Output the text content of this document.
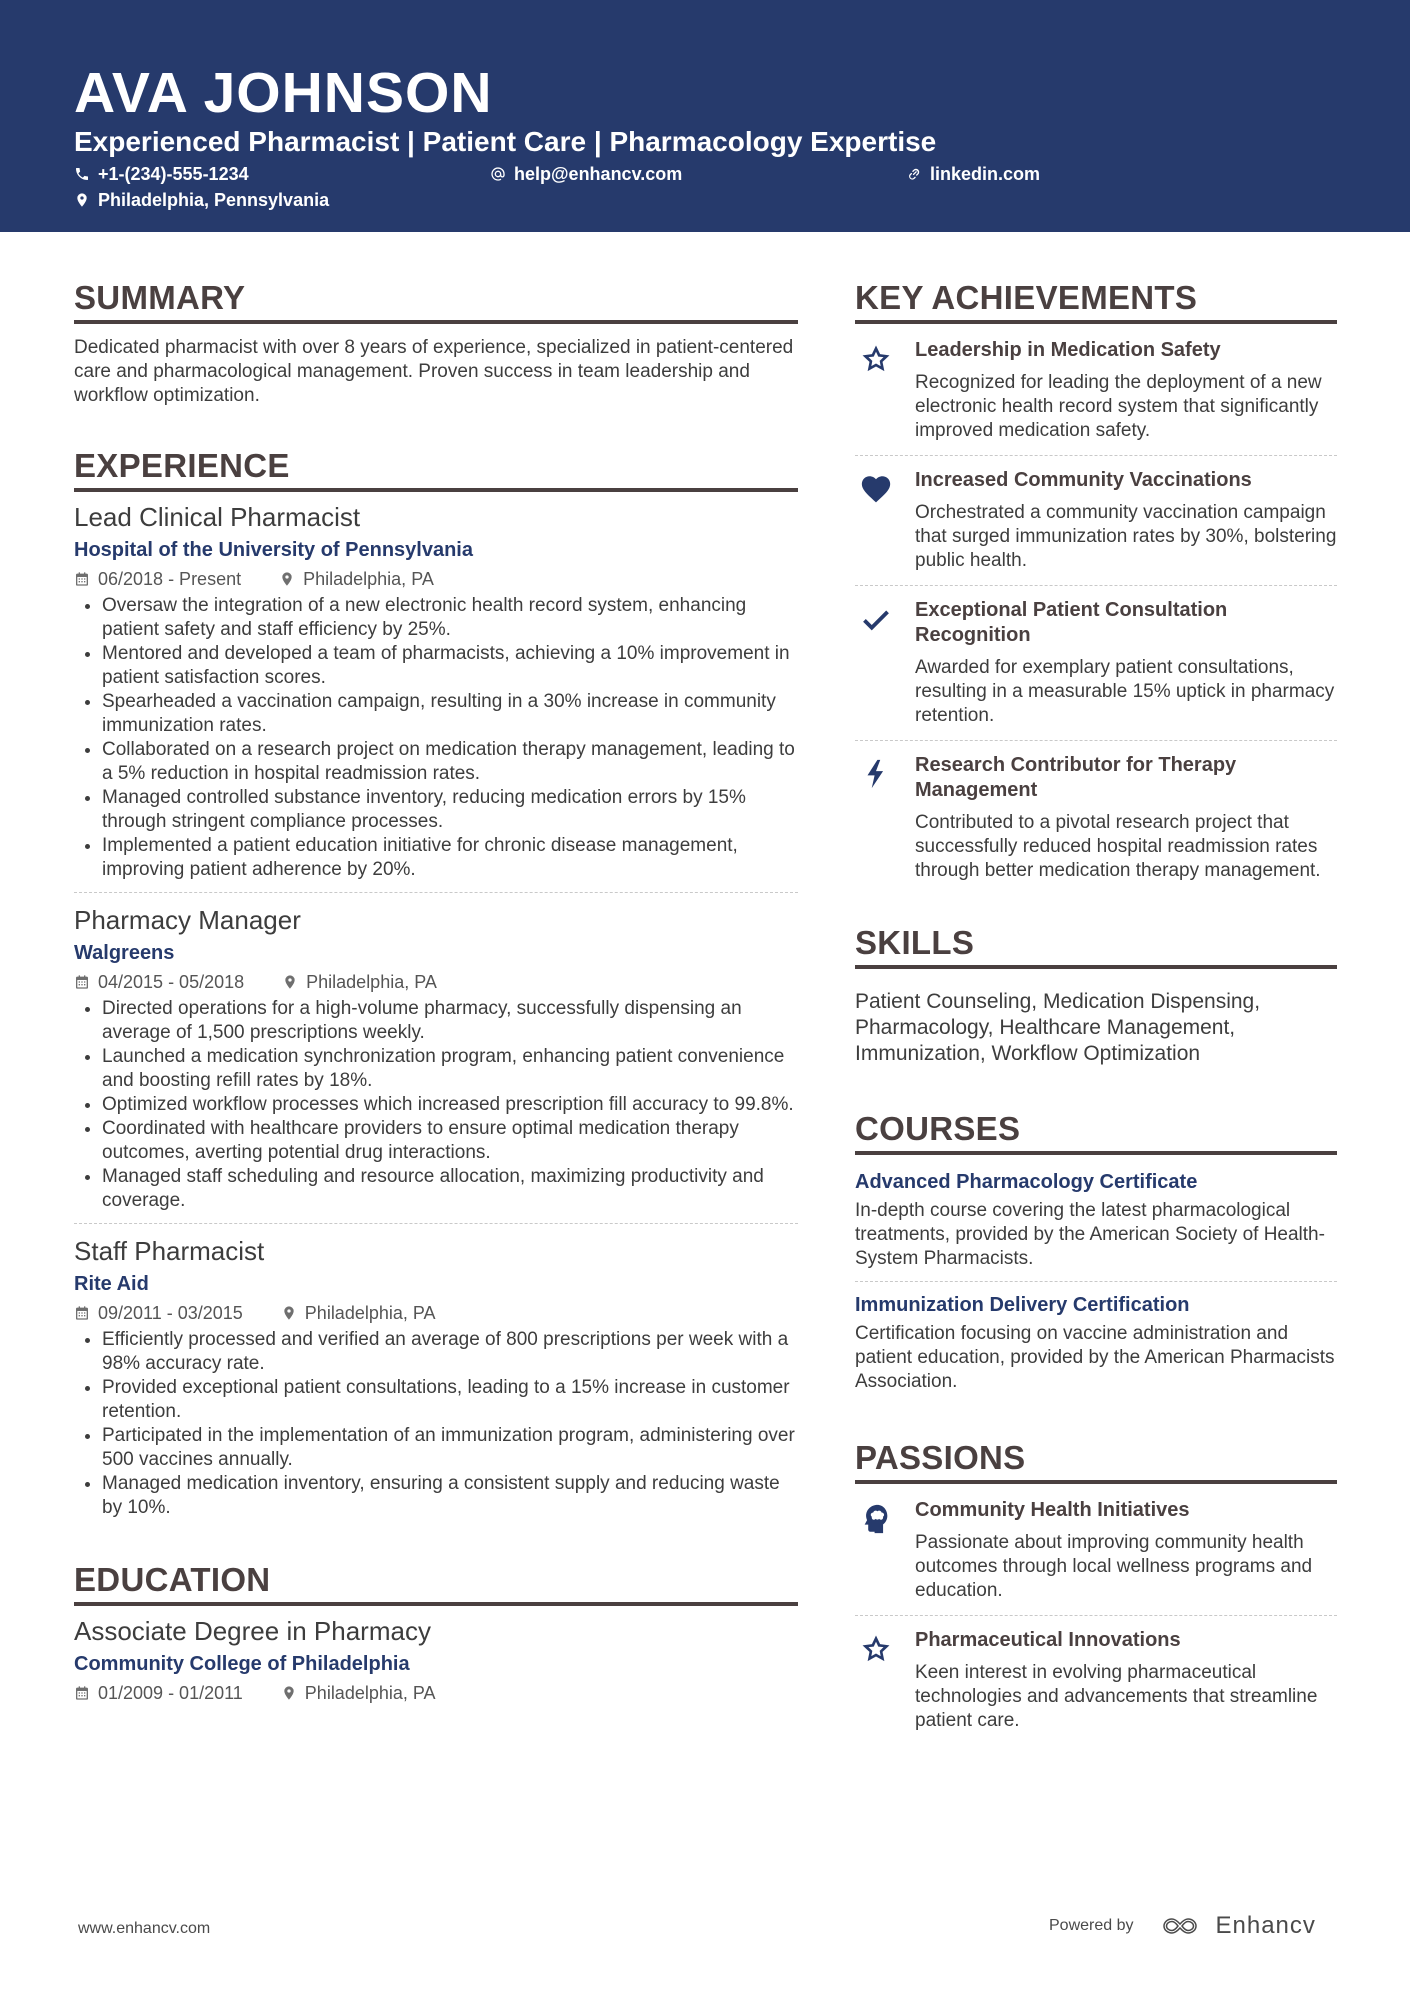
AVA JOHNSON
Experienced Pharmacist | Patient Care | Pharmacology Expertise
+1-(234)-555-1234	help@enhancv.com	linkedin.com
Philadelphia, Pennsylvania
SUMMARY

Dedicated pharmacist with over 8 years of experience, specialized in patient-centered care and pharmacological management. Proven success in team leadership and workflow optimization.

EXPERIENCE

Lead Clinical Pharmacist

Hospital of the University of Pennsylvania

06/2018 - Present	Philadelphia, PA
• Oversaw the integration of a new electronic health record system, enhancing patient safety and staff efficiency by 25%.
• Mentored and developed a team of pharmacists, achieving a 10% improvement in patient satisfaction scores.
• Spearheaded a vaccination campaign, resulting in a 30% increase in community immunization rates.
• Collaborated on a research project on medication therapy management, leading to a 5% reduction in hospital readmission rates.
• Managed controlled substance inventory, reducing medication errors by 15% through stringent compliance processes.
• Implemented a patient education initiative for chronic disease management, improving patient adherence by 20%.

Pharmacy Manager

Walgreens

04/2015 - 05/2018	Philadelphia, PA
• Directed operations for a high-volume pharmacy, successfully dispensing an average of 1,500 prescriptions weekly.
• Launched a medication synchronization program, enhancing patient convenience and boosting refill rates by 18%.
• Optimized workflow processes which increased prescription fill accuracy to 99.8%.
• Coordinated with healthcare providers to ensure optimal medication therapy outcomes, averting potential drug interactions.
• Managed staff scheduling and resource allocation, maximizing productivity and coverage.

Staff Pharmacist

Rite Aid

09/2011 - 03/2015	Philadelphia, PA
• Efficiently processed and verified an average of 800 prescriptions per week with a 98% accuracy rate.
• Provided exceptional patient consultations, leading to a 15% increase in customer retention.
• Participated in the implementation of an immunization program, administering over 500 vaccines annually.
• Managed medication inventory, ensuring a consistent supply and reducing waste by 10%.
EDUCATION

Associate Degree in Pharmacy

Community College of Philadelphia

01/2009 - 01/2011	Philadelphia, PA
KEY ACHIEVEMENTS

Leadership in Medication Safety

Recognized for leading the deployment of a new electronic health record system that significantly improved medication safety.

Increased Community Vaccinations

Orchestrated a community vaccination campaign that surged immunization rates by 30%, bolstering public health.

Exceptional Patient Consultation Recognition

Awarded for exemplary patient consultations, resulting in a measurable 15% uptick in pharmacy retention.

Research Contributor for Therapy Management

Contributed to a pivotal research project that successfully reduced hospital readmission rates through better medication therapy management.

SKILLS

Patient Counseling, Medication Dispensing, Pharmacology, Healthcare Management, Immunization, Workflow Optimization

COURSES

Advanced Pharmacology Certificate

In-depth course covering the latest pharmacological treatments, provided by the American Society of Health-System Pharmacists.

Immunization Delivery Certification

Certification focusing on vaccine administration and patient education, provided by the American Pharmacists Association.

PASSIONS

Community Health Initiatives

Passionate about improving community health outcomes through local wellness programs and education.

Pharmaceutical Innovations

Keen interest in evolving pharmaceutical technologies and advancements that streamline patient care.

www.enhancv.com	Powered by	Enhancv
